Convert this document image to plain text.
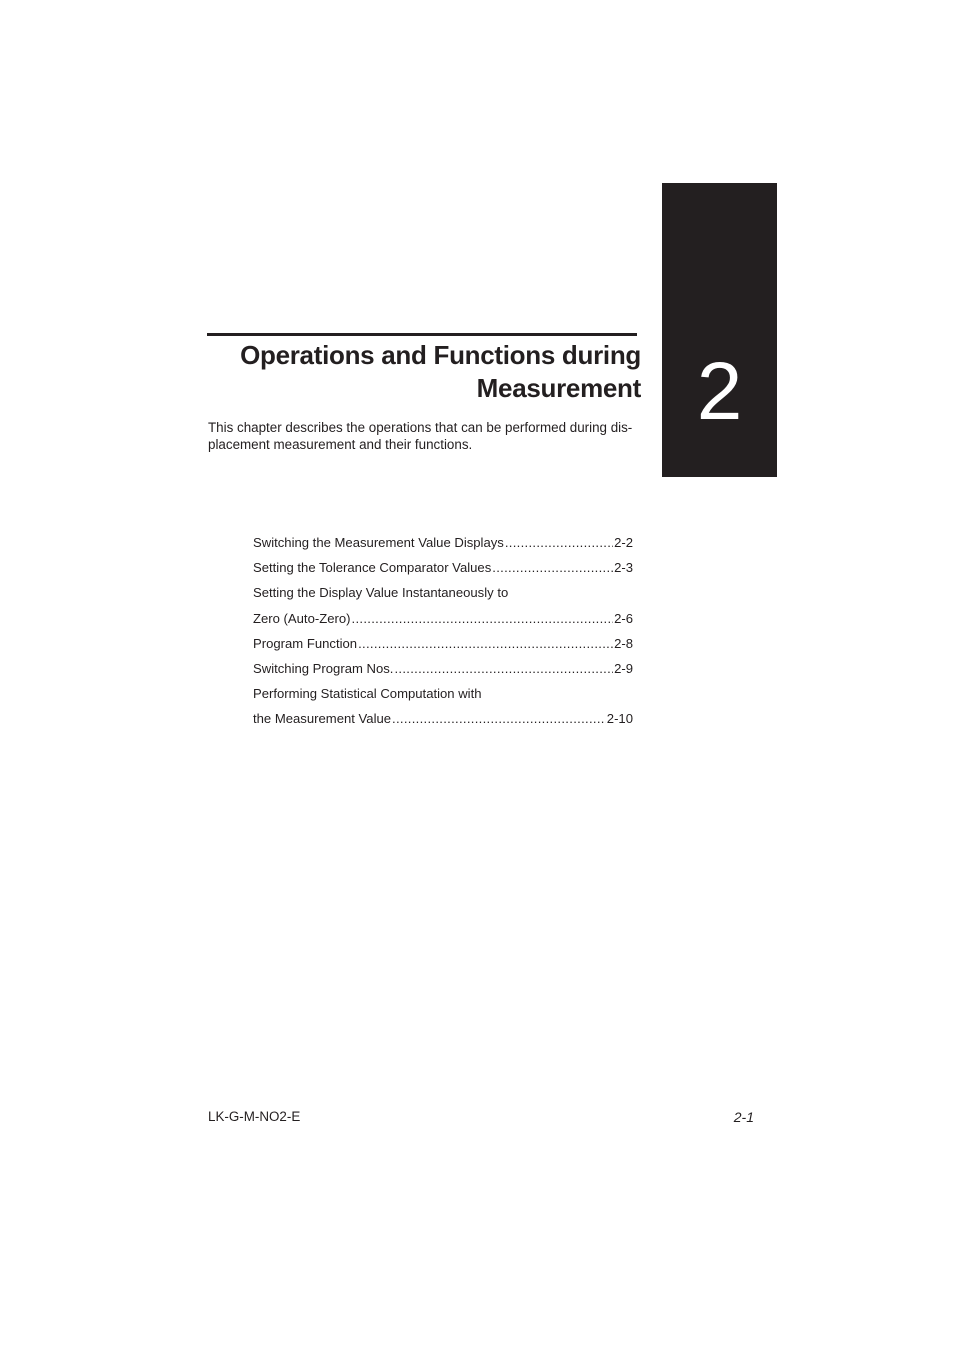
2
Operations and Functions during
Measurement

This chapter describes the operations that can be performed during dis-
placement measurement and their functions.

Switching the Measurement Value Displays .....	2-2
Setting the Tolerance Comparator Values .....	2-3
Setting the Display Value Instantaneously to
Zero (Auto-Zero) .....	2-6
Program Function .....	2-8
Switching Program Nos. .....	2-9
Performing Statistical Computation with
the Measurement Value .....	2-10
LK-G-M-NO2-E	2-1
